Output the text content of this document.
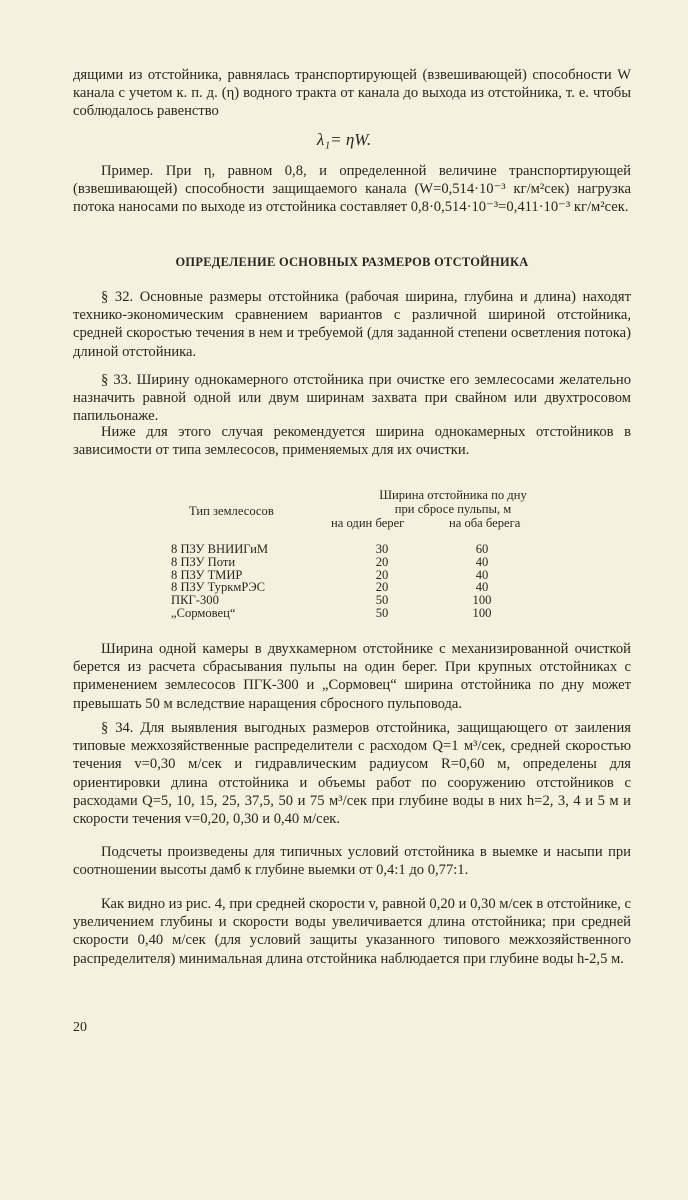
дящими из отстойника, равнялась транспортирующей (взвешивающей) способности W канала с учетом к. п. д. (η) водного тракта от канала до выхода из отстойника, т. е. чтобы соблюдалось равенство

λ₁= ηW.

Пример. При η, равном 0,8, и определенной величине транспортирующей (взвешивающей) способности защищаемого канала (W=0,514·10⁻³ кг/м²сек) нагрузка потока наносами по выходе из отстойника составляет 0,8·0,514·10⁻³=0,411·10⁻³ кг/м²сек.

ОПРЕДЕЛЕНИЕ ОСНОВНЫХ РАЗМЕРОВ ОТСТОЙНИКА

§ 32. Основные размеры отстойника (рабочая ширина, глубина и длина) находят технико-экономическим сравнением вариантов с различной шириной отстойника, средней скоростью течения в нем и требуемой (для заданной степени осветления потока) длиной отстойника.

§ 33. Ширину однокамерного отстойника при очистке его землесосами желательно назначить равной одной или двум ширинам захвата при свайном или двухтросовом папильонаже.

Ниже для этого случая рекомендуется ширина однокамерных отстойников в зависимости от типа землесосов, применяемых для их очистки.

Тип землесосов
Ширина отстойника по дну
при сбросе пульпы, м
на один берег	на оба берега
8 ПЗУ ВНИИГиМ	30	60
8 ПЗУ Поти	20	40
8 ПЗУ ТМИР	20	40
8 ПЗУ ТуркмРЭС	20	40
ПКГ-300	50	100
„Сормовец“	50	100

Ширина одной камеры в двухкамерном отстойнике с механизированной очисткой берется из расчета сбрасывания пульпы на один берег. При крупных отстойниках с применением землесосов ПГК-300 и „Сормовец“ ширина отстойника по дну может превышать 50 м вследствие наращения сбросного пульповода.

§ 34. Для выявления выгодных размеров отстойника, защищающего от заиления типовые межхозяйственные распределители с расходом Q=1 м³/сек, средней скоростью течения v=0,30 м/сек и гидравлическим радиусом R=0,60 м, определены для ориентировки длина отстойника и объемы работ по сооружению отстойников с расходами Q=5, 10, 15, 25, 37,5, 50 и 75 м³/сек при глубине воды в них h=2, 3, 4 и 5 м и скорости течения v=0,20, 0,30 и 0,40 м/сек.

Подсчеты произведены для типичных условий отстойника в выемке и насыпи при соотношении высоты дамб к глубине выемки от 0,4:1 до 0,77:1.

Как видно из рис. 4, при средней скорости v, равной 0,20 и 0,30 м/сек в отстойнике, с увеличением глубины и скорости воды увеличивается длина отстойника; при средней скорости 0,40 м/сек (для условий защиты указанного типового межхозяйственного распределителя) минимальная длина отстойника наблюдается при глубине воды h-2,5 м.

20
